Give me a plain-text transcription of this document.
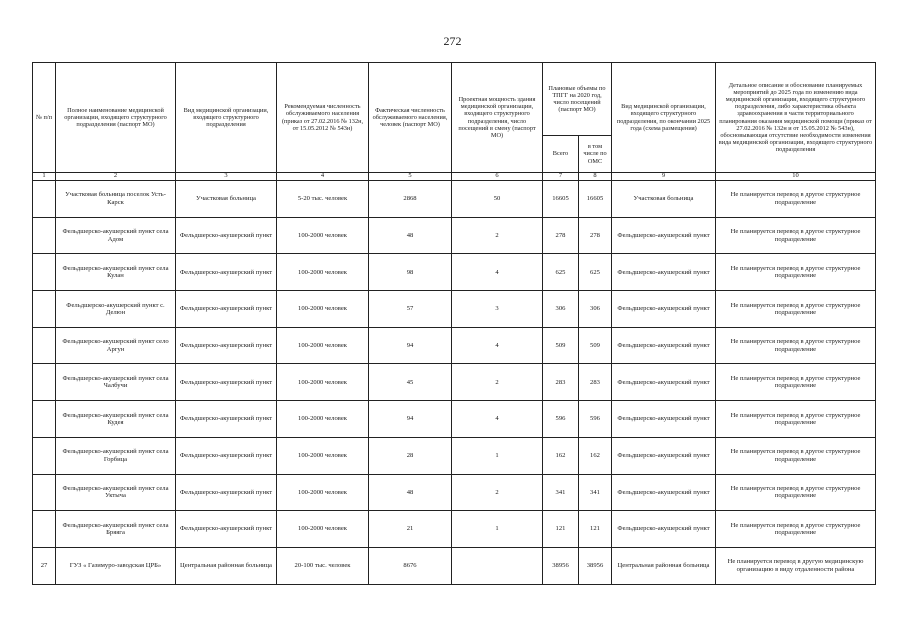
272
№ п/п	Полное наименование медицинской организации, входящего структурного подразделения (паспорт МО)	Вид медицинской организации, входящего структурного подразделения	Рекомендуемая численность обслуживаемого населения (приказ от 27.02.2016 № 132н, от 15.05.2012 № 543н)	Фактическая численность обслуживаемого населения, человек (паспорт МО)	Проектная мощность здания медицинской организации, входящего структурного подразделения, число посещений в смену (паспорт МО)	Плановые объемы по ТПГГ на 2020 год, число посещений (паспорт МО)		Вид медицинской организации, входящего структурного подразделения, по окончании 2025 года (схема размещения)	Детальное описание и обоснование планируемых мероприятий до 2025 года по изменению вида медицинской организации, входящего структурного подразделения, либо характеристика объекта здравоохранения в части территориального планирования оказания медицинской помощи (приказ от 27.02.2016 № 132н и от 15.05.2012 № 543н), обосновывающая отсутствие необходимости изменения вида медицинской организации, входящего структурного подразделения
						Всего	в том числе по ОМС		
1	2	3	4	5	6	7	8	9	10
	Участковая больница поселок Усть-Карск	Участковая больница	5-20 тыс. человек	2868	50	16605	16605	Участковая больница	Не планируется перевод в другое структурное подразделение
	Фельдшерско-акушерский пункт села Адом	Фельдшерско-акушерский пункт	100-2000 человек	48	2	278	278	Фельдшерско-акушерский пункт	Не планируется перевод в другое структурное подразделение
	Фельдшерско-акушерский пункт села Кулан	Фельдшерско-акушерский пункт	100-2000 человек	98	4	625	625	Фельдшерско-акушерский пункт	Не планируется перевод в другое структурное подразделение
	Фельдшерско-акушерский пункт с. Делюн	Фельдшерско-акушерский пункт	100-2000 человек	57	3	306	306	Фельдшерско-акушерский пункт	Не планируется перевод в другое структурное подразделение
	Фельдшерско-акушерский пункт село Аргун	Фельдшерско-акушерский пункт	100-2000 человек	94	4	509	509	Фельдшерско-акушерский пункт	Не планируется перевод в другое структурное подразделение
	Фельдшерско-акушерский пункт села Чалбучи	Фельдшерско-акушерский пункт	100-2000 человек	45	2	283	283	Фельдшерско-акушерский пункт	Не планируется перевод в другое структурное подразделение
	Фельдшерско-акушерский пункт села Кудея	Фельдшерско-акушерский пункт	100-2000 человек	94	4	596	596	Фельдшерско-акушерский пункт	Не планируется перевод в другое структурное подразделение
	Фельдшерско-акушерский пункт села Горбица	Фельдшерско-акушерский пункт	100-2000 человек	28	1	162	162	Фельдшерско-акушерский пункт	Не планируется перевод в другое структурное подразделение
	Фельдшерско-акушерский пункт села Уктыча	Фельдшерско-акушерский пункт	100-2000 человек	48	2	341	341	Фельдшерско-акушерский пункт	Не планируется перевод в другое структурное подразделение
	Фельдшерско-акушерский пункт села Бряяга	Фельдшерско-акушерский пункт	100-2000 человек	21	1	121	121	Фельдшерско-акушерский пункт	Не планируется перевод в другое структурное подразделение
27	ГУЗ « Газимуро-заводская ЦРБ»	Центральная районная больница	20-100 тыс. человек	8676		38956	38956	Центральная районная больница	Не планируется перевод в другую медицинскую организацию в виду отдаленности района
